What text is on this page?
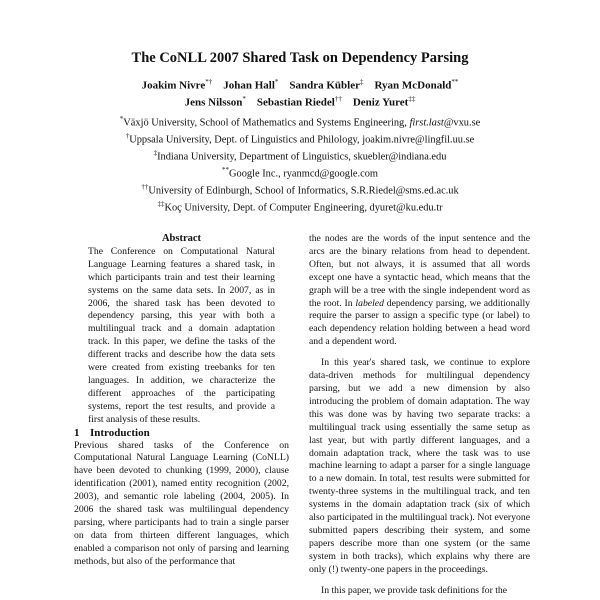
The CoNLL 2007 Shared Task on Dependency Parsing
Joakim Nivre*† Johan Hall* Sandra Kübler‡ Ryan McDonald**
Jens Nilsson* Sebastian Riedel†† Deniz Yuret‡‡
*Växjö University, School of Mathematics and Systems Engineering, first.last@vxu.se
†Uppsala University, Dept. of Linguistics and Philology, joakim.nivre@lingfil.uu.se
‡Indiana University, Department of Linguistics, skuebler@indiana.edu
**Google Inc., ryanmcd@google.com
††University of Edinburgh, School of Informatics, S.R.Riedel@sms.ed.ac.uk
‡‡Koç University, Dept. of Computer Engineering, dyuret@ku.edu.tr

Abstract

The Conference on Computational Natural Language Learning features a shared task, in which participants train and test their learning systems on the same data sets. In 2007, as in 2006, the shared task has been devoted to dependency parsing, this year with both a multilingual track and a domain adaptation track. In this paper, we define the tasks of the different tracks and describe how the data sets were created from existing treebanks for ten languages. In addition, we characterize the different approaches of the participating systems, report the test results, and provide a first analysis of these results.

1 Introduction

Previous shared tasks of the Conference on Computational Natural Language Learning (CoNLL) have been devoted to chunking (1999, 2000), clause identification (2001), named entity recognition (2002, 2003), and semantic role labeling (2004, 2005). In 2006 the shared task was multilingual dependency parsing, where participants had to train a single parser on data from thirteen different languages, which enabled a comparison not only of parsing and learning methods, but also of the performance that

the nodes are the words of the input sentence and the arcs are the binary relations from head to dependent. Often, but not always, it is assumed that all words except one have a syntactic head, which means that the graph will be a tree with the single independent word as the root. In labeled dependency parsing, we additionally require the parser to assign a specific type (or label) to each dependency relation holding between a head word and a dependent word.

In this year's shared task, we continue to explore data-driven methods for multilingual dependency parsing, but we add a new dimension by also introducing the problem of domain adaptation. The way this was done was by having two separate tracks: a multilingual track using essentially the same setup as last year, but with partly different languages, and a domain adaptation track, where the task was to use machine learning to adapt a parser for a single language to a new domain. In total, test results were submitted for twenty-three systems in the multilingual track, and ten systems in the domain adaptation track (six of which also participated in the multilingual track). Not everyone submitted papers describing their system, and some papers describe more than one system (or the same system in both tracks), which explains why there are only (!) twenty-one papers in the proceedings.

In this paper, we provide task definitions for the
